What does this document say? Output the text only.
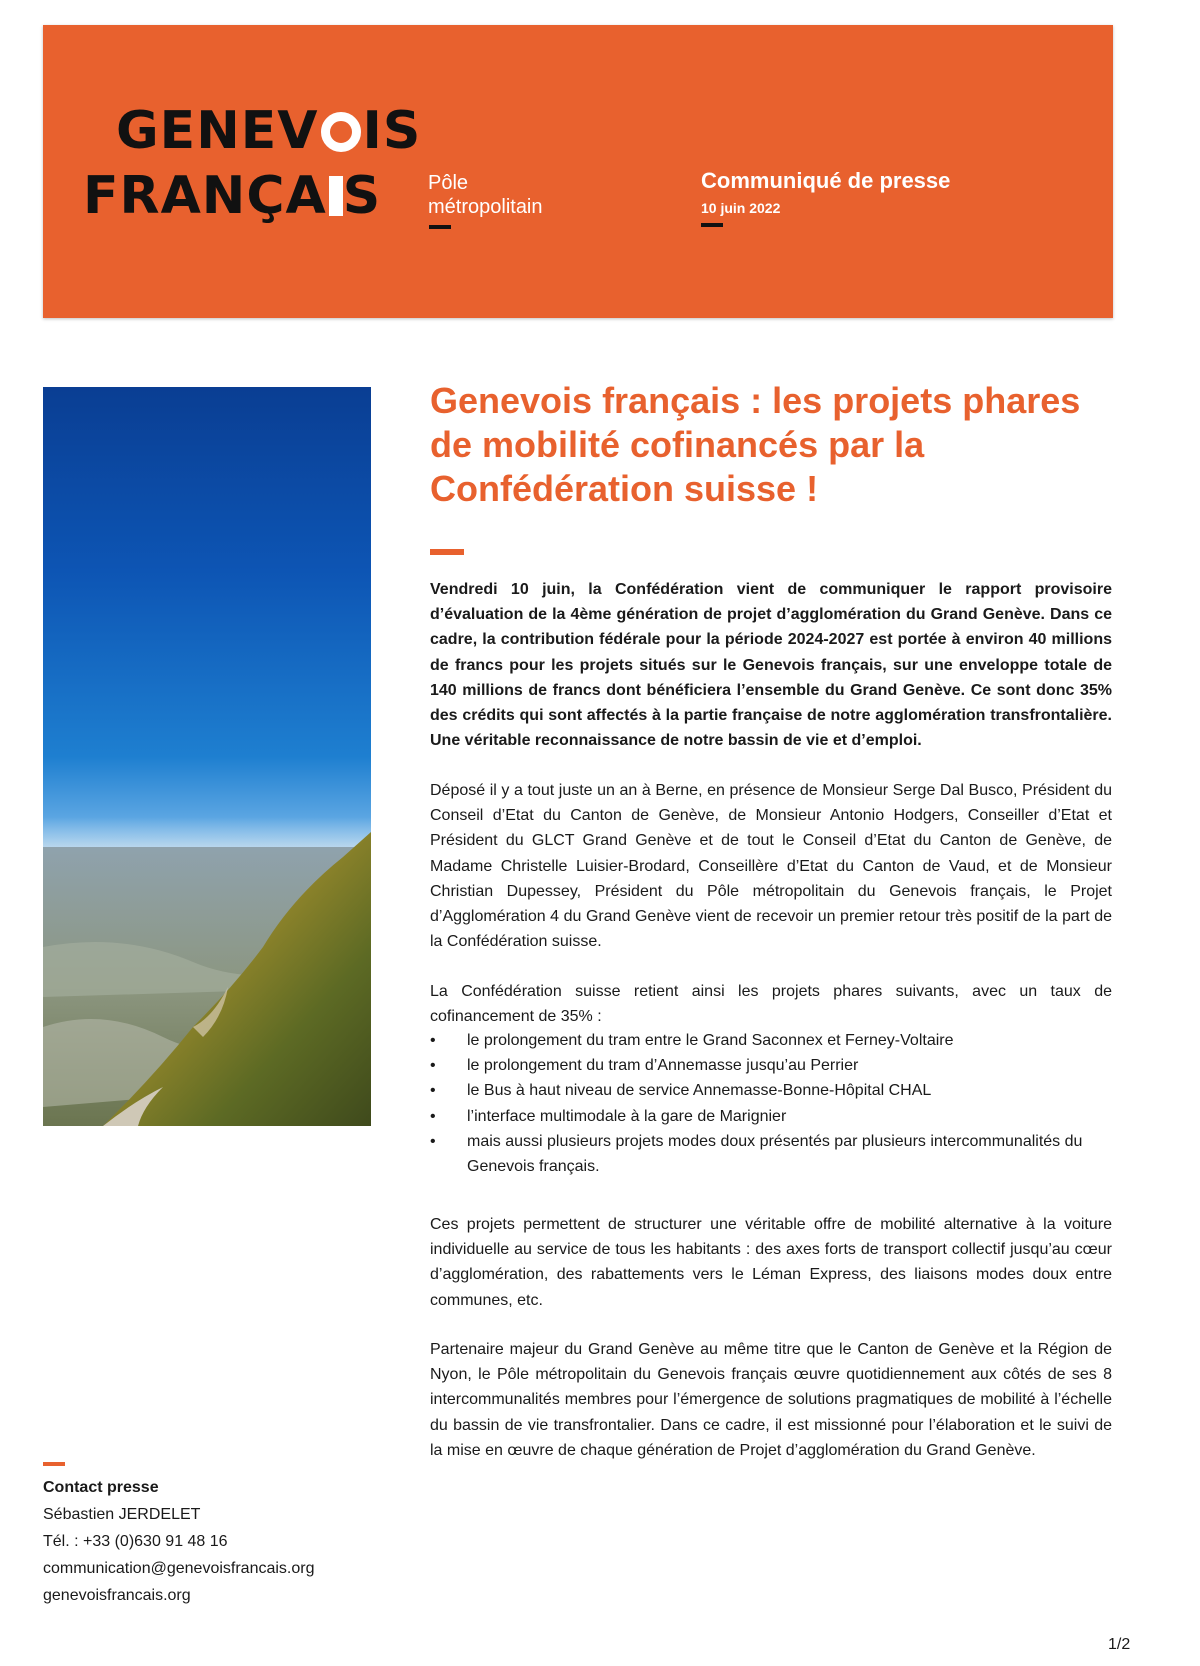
GENEV IS
FRANÇA S Pôle
métropolitain
Communiqué de presse
10 juin 2022
Genevois français : les projets phares de mobilité cofinancés par la Confédération suisse !

Vendredi 10 juin, la Confédération vient de communiquer le rapport provisoire d’évaluation de la 4ème génération de projet d’agglomération du Grand Genève. Dans ce cadre, la contribution fédérale pour la période 2024-2027 est portée à environ 40 millions de francs pour les projets situés sur le Genevois français, sur une enveloppe totale de 140 millions de francs dont bénéficiera l’ensemble du Grand Genève. Ce sont donc 35% des crédits qui sont affectés à la partie française de notre agglomération transfrontalière. Une véritable reconnaissance de notre bassin de vie et d’emploi.

Déposé il y a tout juste un an à Berne, en présence de Monsieur Serge Dal Busco, Président du Conseil d’Etat du Canton de Genève, de Monsieur Antonio Hodgers, Conseiller d’Etat et Président du GLCT Grand Genève et de tout le Conseil d’Etat du Canton de Genève, de Madame Christelle Luisier-Brodard, Conseillère d’Etat du Canton de Vaud, et de Monsieur Christian Dupessey, Président du Pôle métropolitain du Genevois français, le Projet d’Agglomération 4 du Grand Genève vient de recevoir un premier retour très positif de la part de la Confédération suisse.

La Confédération suisse retient ainsi les projets phares suivants, avec un taux de cofinancement de 35% :

• le prolongement du tram entre le Grand Saconnex et Ferney-Voltaire
• le prolongement du tram d’Annemasse jusqu’au Perrier
• le Bus à haut niveau de service Annemasse-Bonne-Hôpital CHAL
• l’interface multimodale à la gare de Marignier
• mais aussi plusieurs projets modes doux présentés par plusieurs intercommunalités du Genevois français.

Ces projets permettent de structurer une véritable offre de mobilité alternative à la voiture individuelle au service de tous les habitants : des axes forts de transport collectif jusqu’au cœur d’agglomération, des rabattements vers le Léman Express, des liaisons modes doux entre communes, etc.

Partenaire majeur du Grand Genève au même titre que le Canton de Genève et la Région de Nyon, le Pôle métropolitain du Genevois français œuvre quotidiennement aux côtés de ses 8 intercommunalités membres pour l’émergence de solutions pragmatiques de mobilité à l’échelle du bassin de vie transfrontalier. Dans ce cadre, il est missionné pour l’élaboration et le suivi de la mise en œuvre de chaque génération de Projet d’agglomération du Grand Genève.

Contact presse
Sébastien JERDELET
Tél. : +33 (0)630 91 48 16
communication@genevoisfrancais.org
genevoisfrancais.org
1/2
